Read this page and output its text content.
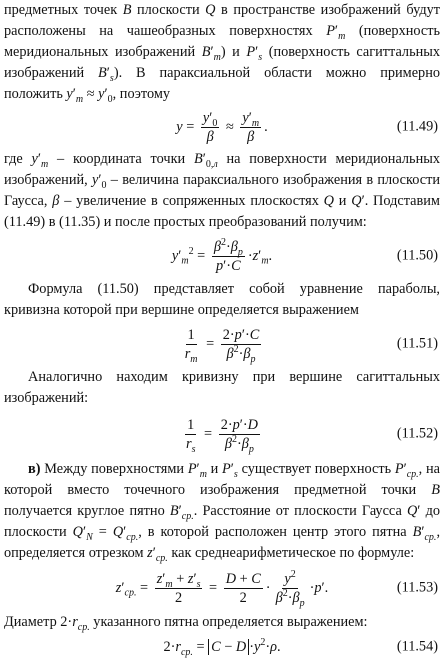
предметных точек B плоскости Q в пространстве изображений будут расположены на чашеобразных поверхностях $P'_m$ (поверхность меридиональных изображений $B'_m$) и $P'_s$ (поверхность сагиттальных изображений $B'_s$). В параксиальной области можно примерно положить $y'_m \approx y'_0$, поэтому

$y = \frac{y'_0}{\beta} \approx \frac{y'_m}{\beta}$ .	(11.49)

где $y'_m$ – координата точки $B'_{0,л}$ на поверхности меридиональных изображений, $y'_0$ – величина параксиального изображения в плоскости Гаусса, β – увеличение в сопряженных плоскостях Q и Q′. Подставим (11.49) в (11.35) и после простых преобразований получим:

$y'_m^2 = \frac{\beta^2\cdot\beta_p}{p'\cdot C} \cdot z'_m$.	(11.50)

Формула (11.50) представляет собой уравнение параболы, кривизна которой при вершине определяется выражением

$\frac{1}{r_m} = \frac{2\cdot p'\cdot C}{\beta^2\cdot\beta_p}$	(11.51)

Аналогично находим кривизну при вершине сагиттальных изображений:

$\frac{1}{r_s} = \frac{2\cdot p'\cdot D}{\beta^2\cdot\beta_p}$	(11.52)

в) Между поверхностями $P'_m$ и $P'_s$ существует поверхность $P'_{ср.}$, на которой вместо точечного изображения предметной точки B получается круглое пятно $B'_{ср.}$. Расстояние от плоскости Гаусса Q′ до плоскости $Q'_N = Q'_{ср.}$, в которой расположен центр этого пятна $B'_{ср.}$, определяется отрезком $z'_{ср.}$ как среднеарифметическое по формуле:

$z'_{ср.} = \frac{z'_m + z'_s}{2} = \frac{D + C}{2} \cdot \frac{y^2}{\beta^2\cdot\beta_p} \cdot p'$.	(11.53)

Диаметр $2\cdot r_{ср.}$ указанного пятна определяется выражением:

$2\cdot r_{ср.} = C - D \cdot y^2\cdot\rho$.	(11.54)
